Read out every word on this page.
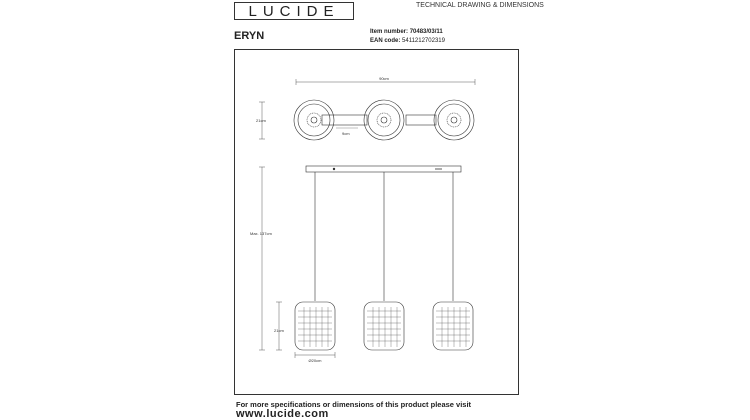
LUCIDE	TECHNICAL DRAWING & DIMENSIONS
ERYN	Item number: 70483/03/11
EAN code: 5411212702319
90cm
21cm
9cm
Max. 137cm
21cm
Ø20cm
For more specifications or dimensions of this product please visit
www.lucide.com
